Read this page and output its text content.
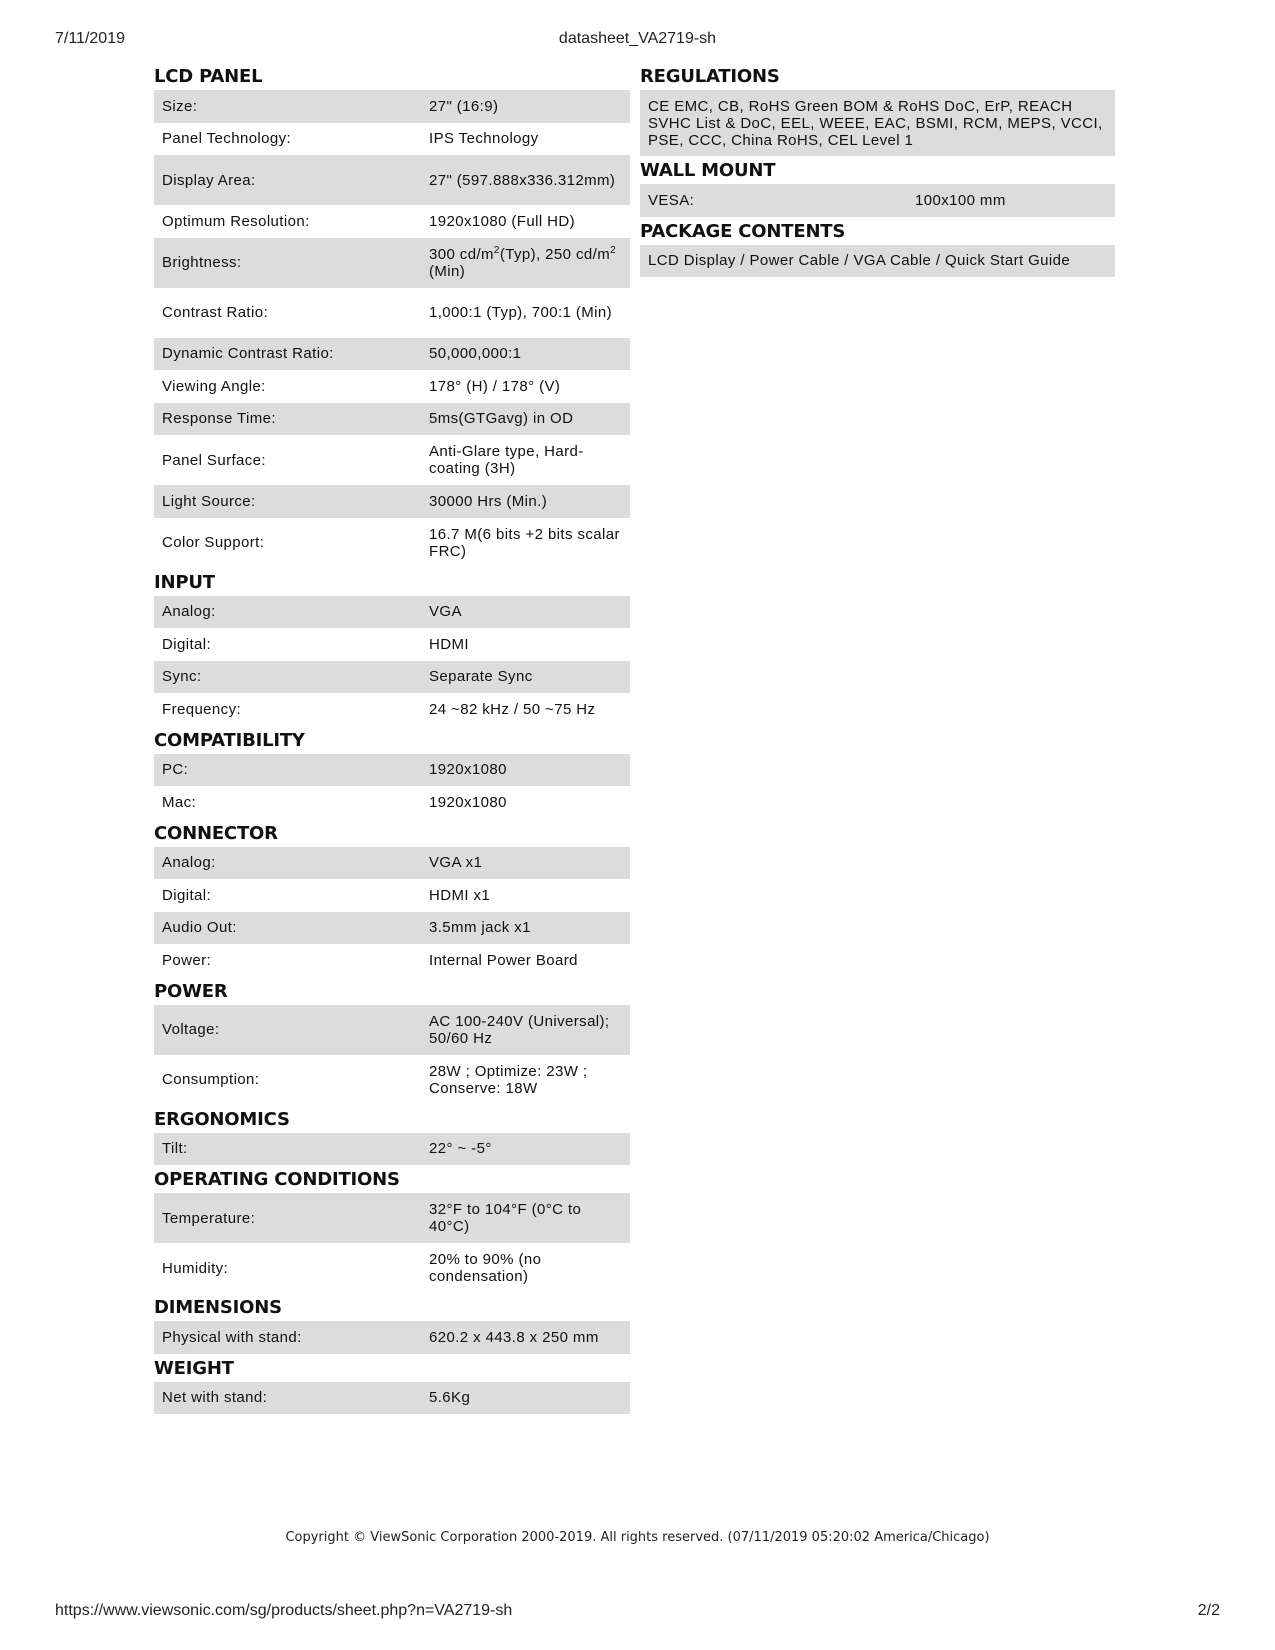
7/11/2019	datasheet_VA2719-sh
LCD PANEL
Size:	27" (16:9)
Panel Technology:	IPS Technology
Display Area:	27" (597.888x336.312mm)
Optimum Resolution:	1920x1080 (Full HD)
Brightness:	300 $cd/m^2(Typ)$, 250 $cd/m^2$ (Min)
Contrast Ratio:	1,000:1 (Typ), 700:1 (Min)
Dynamic Contrast Ratio:	50,000,000:1
Viewing Angle:	178° (H) / 178° (V)
Response Time:	5ms(GTGavg) in OD
Panel Surface:	Anti-Glare type, Hard-coating (3H)
Light Source:	30000 Hrs (Min.)
Color Support:	16.7 M(6 bits +2 bits scalar FRC)
INPUT
Analog:	VGA
Digital:	HDMI
Sync:	Separate Sync
Frequency:	24 ~82 kHz / 50 ~75 Hz
COMPATIBILITY
PC:	1920x1080
Mac:	1920x1080
CONNECTOR
Analog:	VGA x1
Digital:	HDMI x1
Audio Out:	3.5mm jack x1
Power:	Internal Power Board
POWER
Voltage:	AC 100-240V (Universal); 50/60 Hz
Consumption:	28W ; Optimize: 23W ; Conserve: 18W
ERGONOMICS
Tilt:	22° ~ -5°
OPERATING CONDITIONS
Temperature:	32°F to 104°F (0°C to 40°C)
Humidity:	20% to 90% (no condensation)
DIMENSIONS
Physical with stand:	620.2 x 443.8 x 250 mm
WEIGHT
Net with stand:	5.6Kg
REGULATIONS
CE EMC, CB, RoHS Green BOM & RoHS DoC, ErP, REACH SVHC List & DoC, EEL, WEEE, EAC, BSMI, RCM, MEPS, VCCI, PSE, CCC, China RoHS, CEL Level 1
WALL MOUNT
VESA:	100x100 mm
PACKAGE CONTENTS
LCD Display / Power Cable / VGA Cable / Quick Start Guide
Copyright © ViewSonic Corporation 2000-2019. All rights reserved. (07/11/2019 05:20:02 America/Chicago)
https://www.viewsonic.com/sg/products/sheet.php?n=VA2719-sh	2/2
